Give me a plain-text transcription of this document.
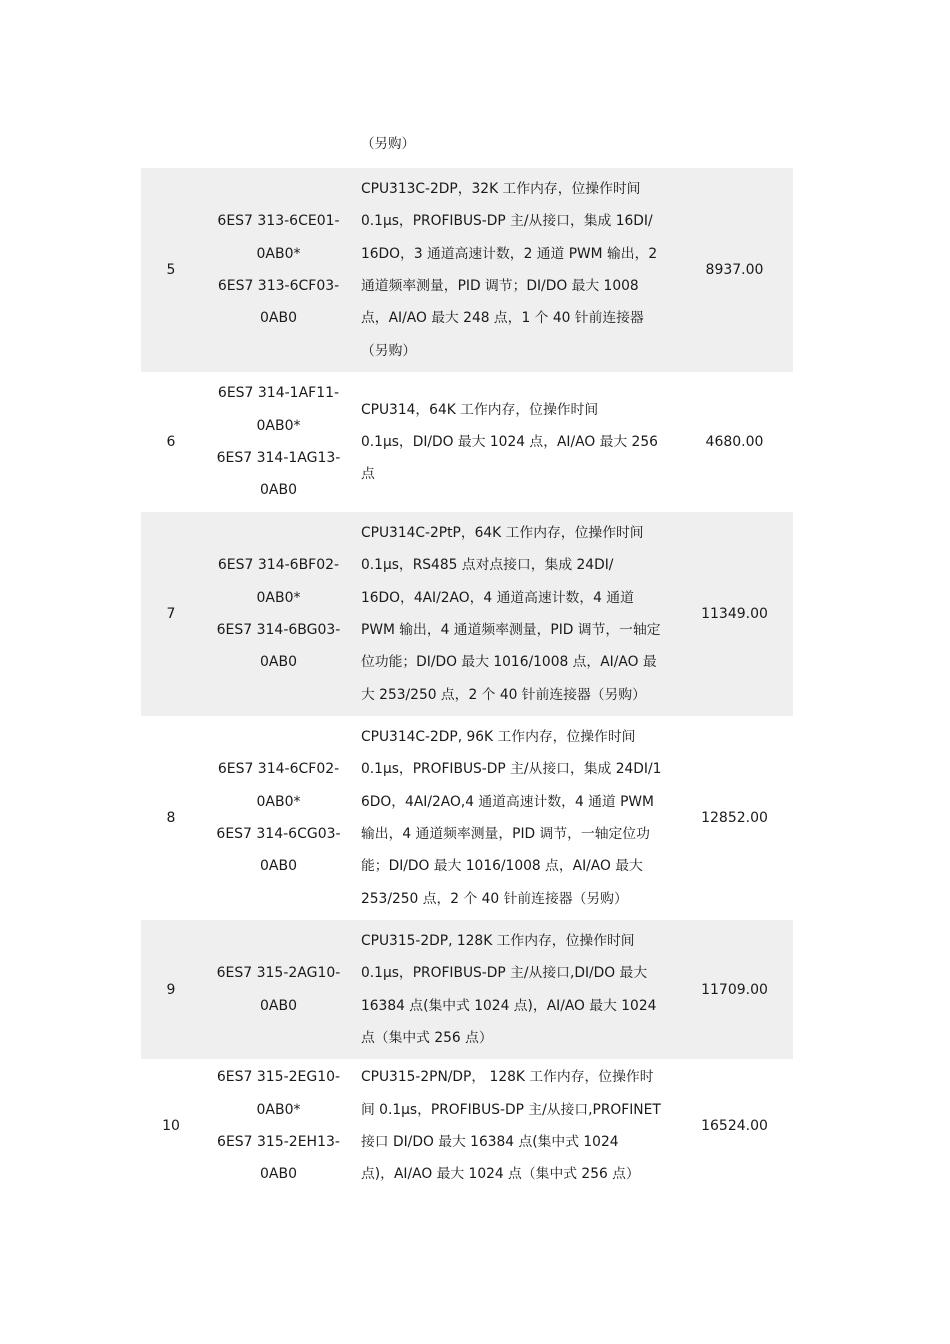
（另购）
5
6ES7 313-6CE01-
0AB0*
6ES7 313-6CF03-
0AB0
CPU313C-2DP，32K 工作内存，位操作时间
0.1μs，PROFIBUS-DP 主/从接口，集成 16DI/
16DO，3 通道高速计数，2 通道 PWM 输出，2
通道频率测量，PID 调节；DI/DO 最大 1008
点，AI/AO 最大 248 点，1 个 40 针前连接器
（另购）
8937.00
6
6ES7 314-1AF11-
0AB0*
6ES7 314-1AG13-
0AB0
CPU314，64K 工作内存，位操作时间
0.1μs，DI/DO 最大 1024 点，AI/AO 最大 256
点
4680.00
7
6ES7 314-6BF02-
0AB0*
6ES7 314-6BG03-
0AB0
CPU314C-2PtP，64K 工作内存，位操作时间
0.1μs，RS485 点对点接口，集成 24DI/
16DO，4AI/2AO，4 通道高速计数，4 通道
PWM 输出，4 通道频率测量，PID 调节，一轴定
位功能；DI/DO 最大 1016/1008 点，AI/AO 最
大 253/250 点，2 个 40 针前连接器（另购）
11349.00
8
6ES7 314-6CF02-
0AB0*
6ES7 314-6CG03-
0AB0
CPU314C-2DP, 96K 工作内存，位操作时间
0.1μs，PROFIBUS-DP 主/从接口，集成 24DI/1
6DO，4AI/2AO,4 通道高速计数，4 通道 PWM
输出，4 通道频率测量，PID 调节，一轴定位功
能；DI/DO 最大 1016/1008 点，AI/AO 最大
253/250 点，2 个 40 针前连接器（另购）
12852.00
9
6ES7 315-2AG10-
0AB0
CPU315-2DP, 128K 工作内存，位操作时间
0.1μs，PROFIBUS-DP 主/从接口,DI/DO 最大
16384 点(集中式 1024 点)，AI/AO 最大 1024
点（集中式 256 点）
11709.00
10
6ES7 315-2EG10-
0AB0*
6ES7 315-2EH13-
0AB0
CPU315-2PN/DP， 128K 工作内存，位操作时
间 0.1μs，PROFIBUS-DP 主/从接口,PROFINET
接口 DI/DO 最大 16384 点(集中式 1024
点)，AI/AO 最大 1024 点（集中式 256 点）
16524.00
